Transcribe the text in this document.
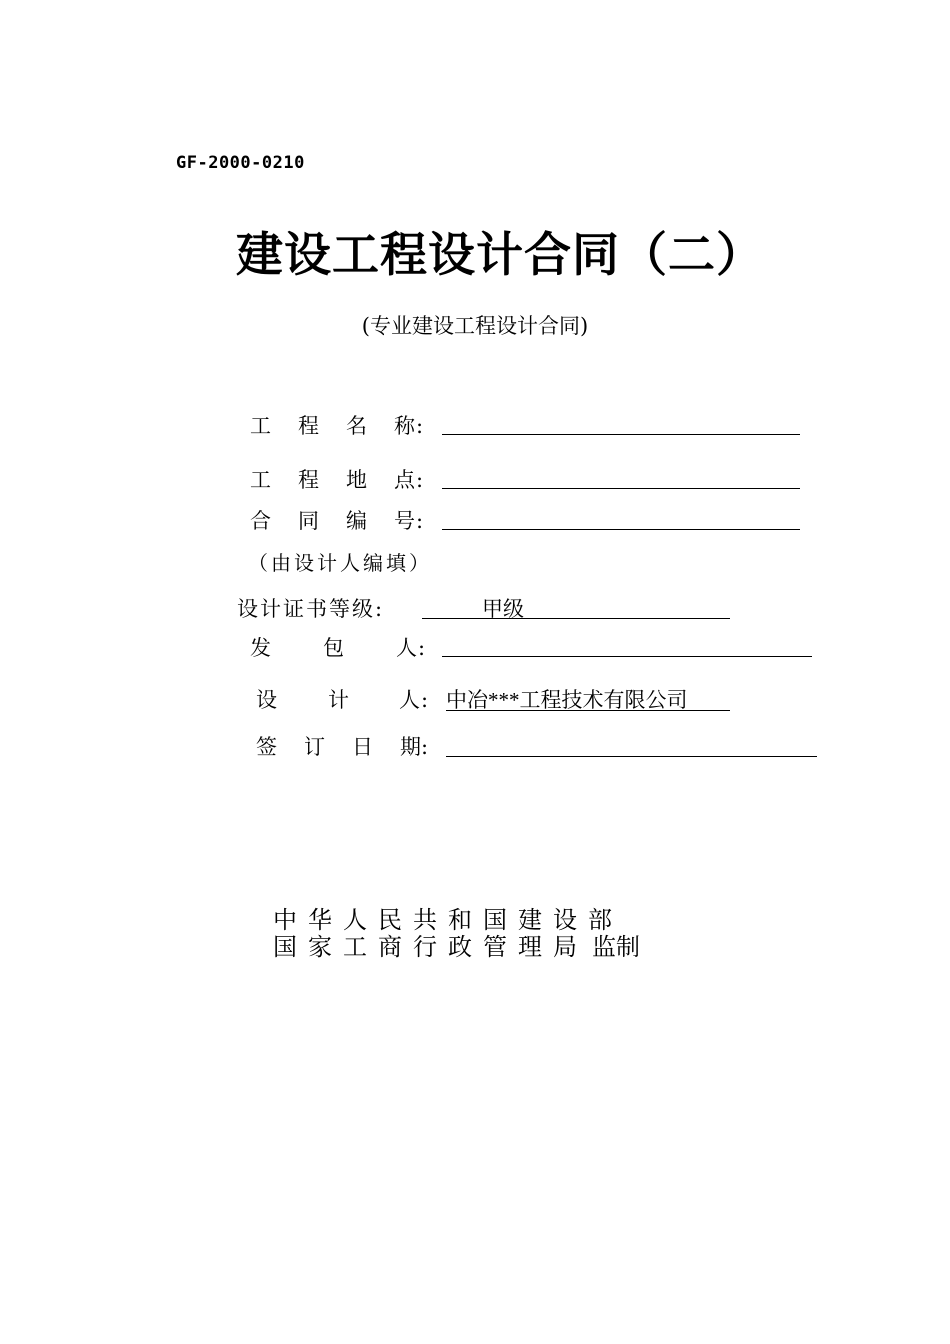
GF-2000-0210
建设工程设计合同（二）
(专业建设工程设计合同)
工 程 名 称 :
工 程 地 点 :
合 同 编 号 :
（由设计人编填）
设计证书等级:	甲级
发 包 人 :
设 计 人 : 中冶***工程技术有限公司
签 订 日 期 :
中华人民共和国建设部
国家工商行政管理局 监制
